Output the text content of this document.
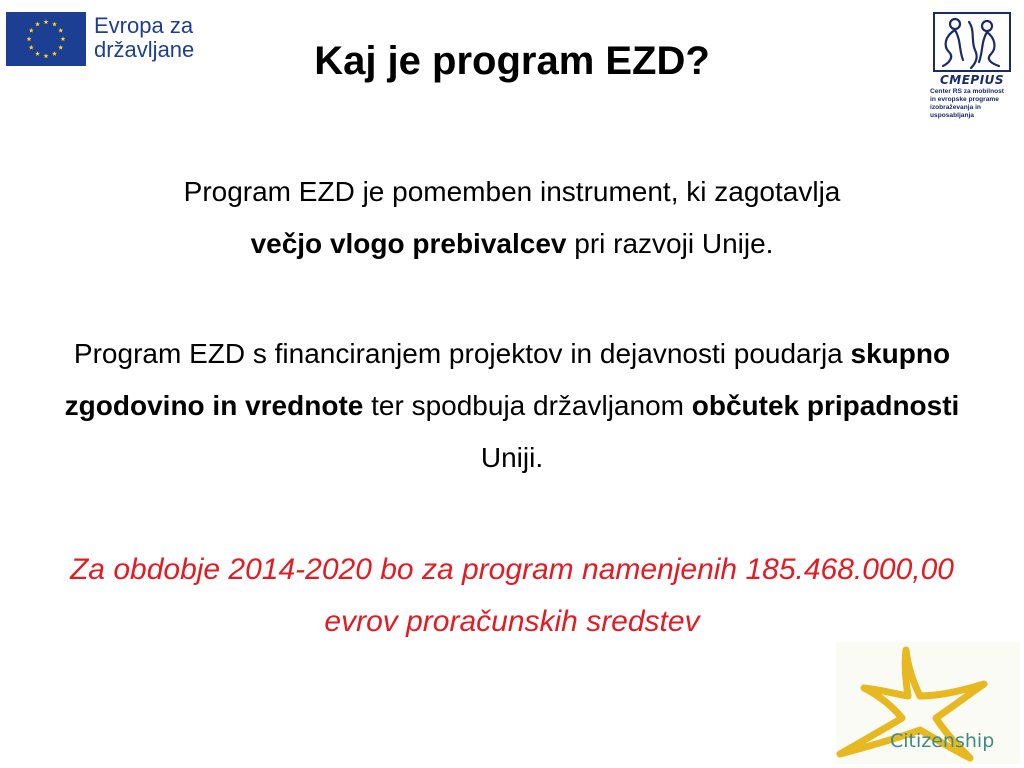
Evropa za
državljane
CMEPIUS
Center RS za mobilnost
in evropske programe
izobraževanja in
usposabljanja
Kaj je program EZD?

Program EZD je pomemben instrument, ki zagotavlja
večjo vlogo prebivalcev pri razvoji Unije.

Program EZD s financiranjem projektov in dejavnosti poudarja skupno zgodovino in vrednote ter spodbuja državljanom občutek pripadnosti Uniji.

Za obdobje 2014-2020 bo za program namenjenih 185.468.000,00 evrov proračunskih sredstev

Citizenship
